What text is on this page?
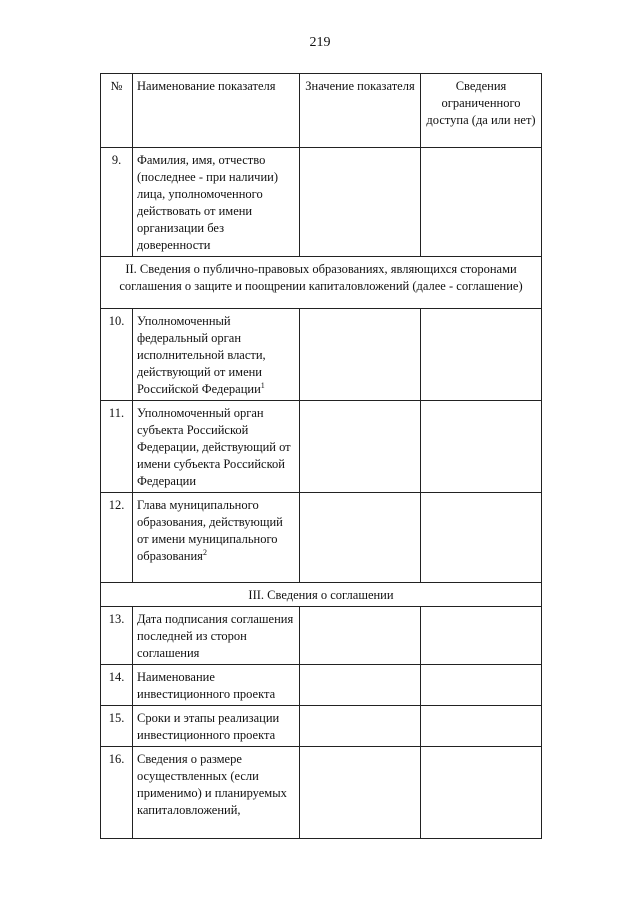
219
№	Наименование показателя	Значение показателя	Сведения ограниченного доступа (да или нет)
9.	Фамилия, имя, отчество (последнее - при наличии) лица, уполномоченного действовать от имени организации без доверенности		
II. Сведения о публично-правовых образованиях, являющихся сторонами соглашения о защите и поощрении капиталовложений (далее - соглашение)			
10.	Уполномоченный федеральный орган исполнительной власти, действующий от имени Российской Федерации$^1$		
11.	Уполномоченный орган субъекта Российской Федерации, действующий от имени субъекта Российской Федерации		
12.	Глава муниципального образования, действующий от имени муниципального образования$^2$		
III. Сведения о соглашении			
13.	Дата подписания соглашения последней из сторон соглашения		
14.	Наименование инвестиционного проекта		
15.	Сроки и этапы реализации инвестиционного проекта		
16.	Сведения о размере осуществленных (если применимо) и планируемых капиталовложений,		
